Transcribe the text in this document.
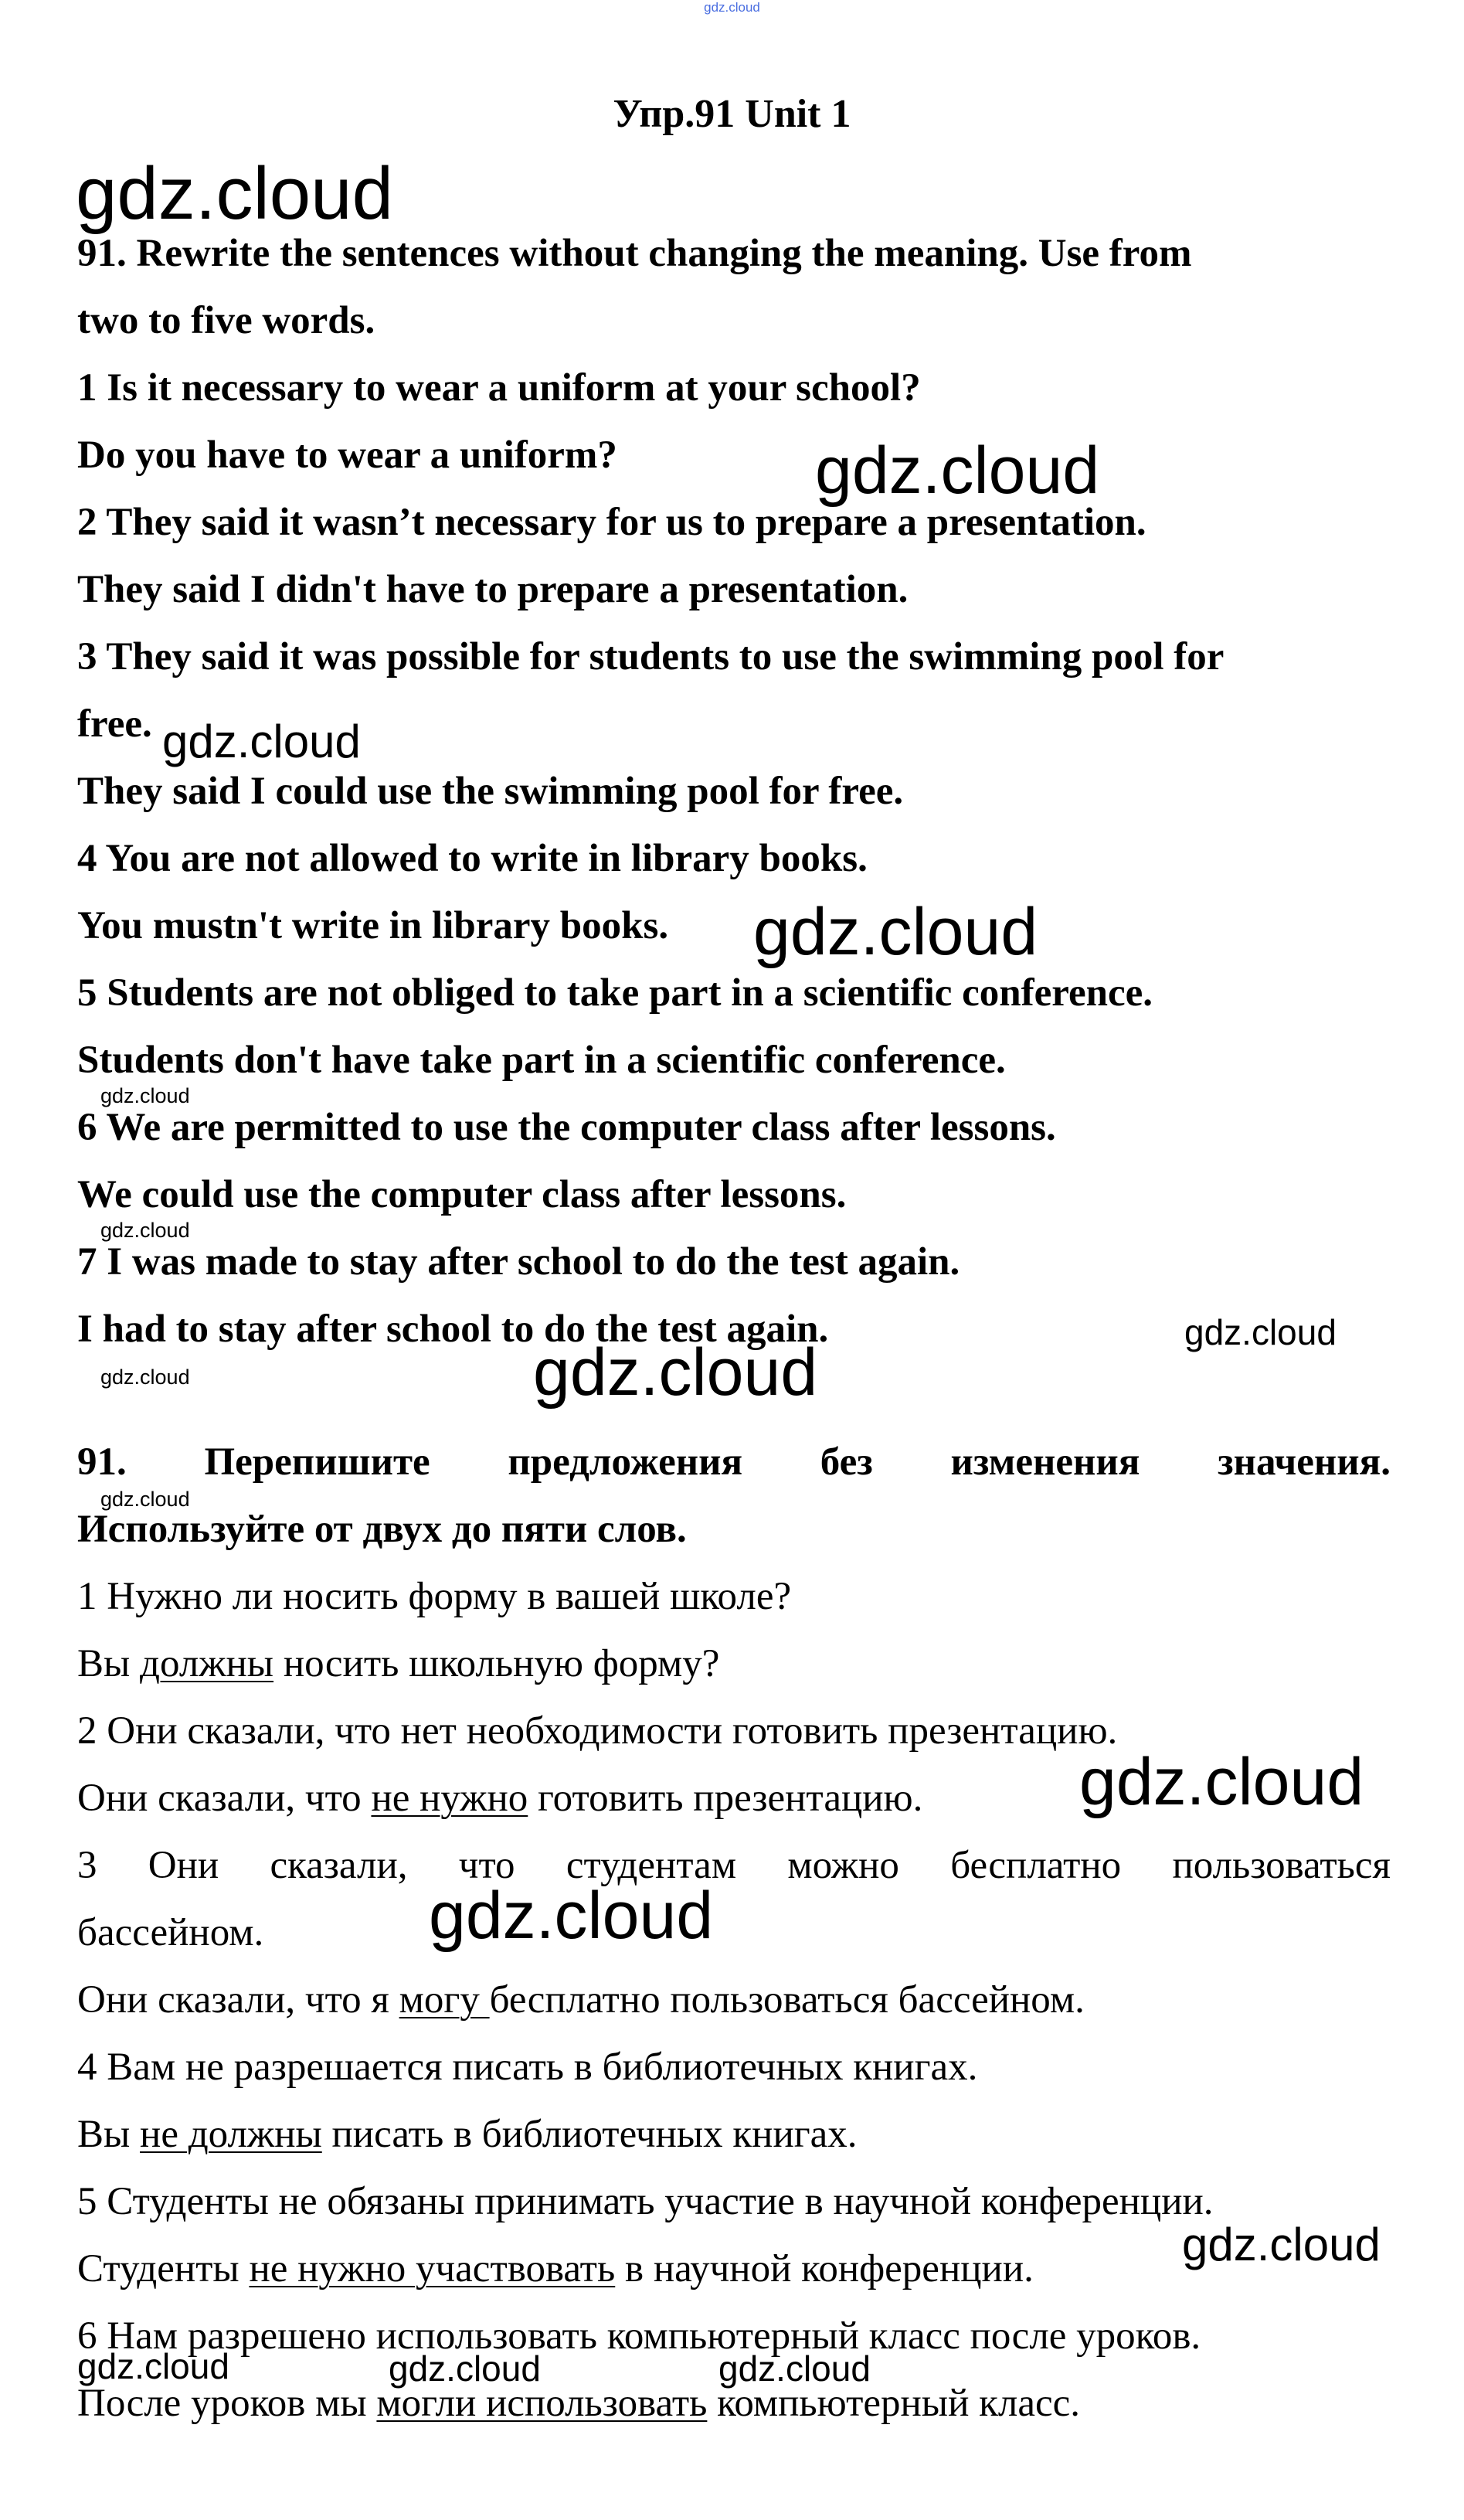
gdz.cloud
Упр.91 Unit 1
91. Rewrite the sentences without changing the meaning. Use from
two to five words.
1 Is it necessary to wear a uniform at your school?
Do you have to wear a uniform?
2 They said it wasn’t necessary for us to prepare a presentation.
They said I didn't have to prepare a presentation.
3 They said it was possible for students to use the swimming pool for
free.
They said I could use the swimming pool for free.
4 You are not allowed to write in library books.
You mustn't write in library books.
5 Students are not obliged to take part in a scientific conference.
Students don't have take part in a scientific conference.
6 We are permitted to use the computer class after lessons.
We could use the computer class after lessons.
7 I was made to stay after school to do the test again.
I had to stay after school to do the test again.
91. Перепишите предложения без изменения значения.
Используйте от двух до пяти слов.
1 Нужно ли носить форму в вашей школе?
Вы должны носить школьную форму?
2 Они сказали, что нет необходимости готовить презентацию.
Они сказали, что не нужно готовить презентацию.
3 Они сказали, что студентам можно бесплатно пользоваться
бассейном.
Они сказали, что я могу бесплатно пользоваться бассейном.
4 Вам не разрешается писать в библиотечных книгах.
Вы не должны писать в библиотечных книгах.
5 Студенты не обязаны принимать участие в научной конференции.
Студенты не нужно участвовать в научной конференции.
6 Нам разрешено использовать компьютерный класс после уроков.
После уроков мы могли использовать компьютерный класс.
gdz.cloud
gdz.cloud
gdz.cloud
gdz.cloud
gdz.cloud
gdz.cloud
gdz.cloud
gdz.cloud	gdz.cloud
gdz.cloud
gdz.cloud
gdz.cloud
gdz.cloud
gdz.cloud	gdz.cloud	gdz.cloud
